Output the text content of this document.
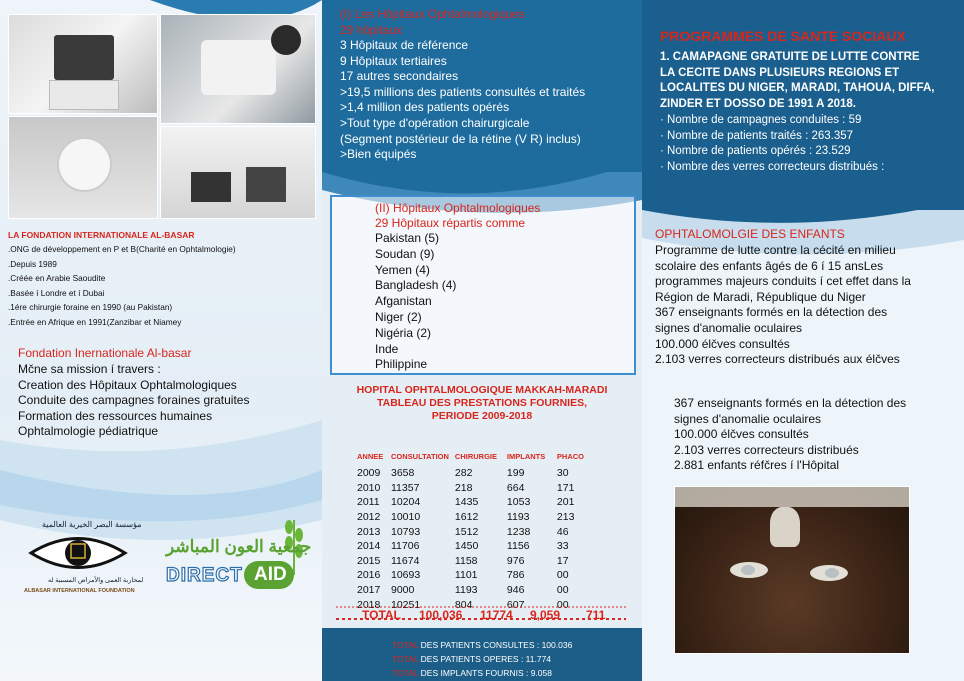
LA FONDATION INTERNATIONALE AL-BASAR
.ONG de développement en P et B(Charité en Ophtalmologie)
.Depuis 1989
.Créée en Arabie Saoudite
.Basée í Londre et í Dubai
.1ére chirurgie foraine en 1990 (au Pakistan)
.Entrée en Afrique en 1991(Zanzibar et Niamey
Fondation Inernationale Al-basar
Mčne sa mission í travers :
Creation des Hôpitaux Ophtalmologiques
Conduite des campagnes foraines gratuites
Formation des ressources humaines
Ophtalmologie pédiatrique
مؤسسة البصر الخيرية العالمية
لمحاربة العمى والأمراض المسببة له
ALBASAR INTERNATIONAL FOUNDATION
جمعية العون المباشر
DIRECT AID
(I) Les Hôpitaux Ophtalmologiques
29 hôpitaux
3 Hôpitaux de référence
9 Hôpitaux tertiaires
17 autres secondaires
>19,5 millions des patients consultés et traités
>1,4 million des patients opérés
>Tout type d'opération chairurgicale
(Segment postérieur de la rétine (V R) inclus)
>Bien équipés
(II) Hôpitaux Ophtalmologiques
29 Hôpitaux répartis comme
Pakistan (5)
Soudan (9)
Yemen (4)
Bangladesh (4)
Afganistan
Niger (2)
Nigéria (2)
Inde
Philippine
HOPITAL OPHTALMOLOGIQUE MAKKAH-MARADI
TABLEAU DES PRESTATIONS FOURNIES,
PERIODE 2009-2018
ANNEE	CONSULTATION	CHIRURGIE	IMPLANTS	PHACO
2009	3658	282	199	30
2010	11357	218	664	171
2011	10204	1435	1053	201
2012	10010	1612	1193	213
2013	10793	1512	1238	46
2014	11706	1450	1156	33
2015	11674	1158	976	17
2016	10693	1101	786	00
2017	9000	1193	946	00
2018	10251	804	607	00
TOTAL 100,036 11774 9,059 711
TOTAL DES PATIENTS CONSULTES : 100.036
TOTAL DES PATIENTS OPERES : 11.774
TOTAL DES IMPLANTS FOURNIS : 9.058
PROGRAMMES DE SANTE SOCIAUX
1. CAMAPAGNE GRATUITE DE LUTTE CONTRE
LA CECITE DANS PLUSIEURS REGIONS ET
LOCALITES DU NIGER, MARADI, TAHOUA, DIFFA,
ZINDER ET DOSSO DE 1991 A 2018.
· Nombre de campagnes conduites : 59
· Nombre de patients traités : 263.357
· Nombre de patients opérés : 23.529
· Nombre des verres correcteurs distribués :
OPHTALOMOLGIE DES ENFANTS
Programme de lutte contre la cécité en milieu
scolaire des enfants âgés de 6 í 15 ansLes
programmes majeurs conduits í cet effet dans la
Région de Maradi, République du Niger
367 enseignants formés en la détection des
signes d'anomalie oculaires
100.000 élčves consultés
2.103 verres correcteurs distribués aux élčves
367 enseignants formés en la détection des
signes d'anomalie oculaires
100.000 élčves consultés
2.103 verres correcteurs distribués
2.881 enfants réfčres í l'Hôpital
